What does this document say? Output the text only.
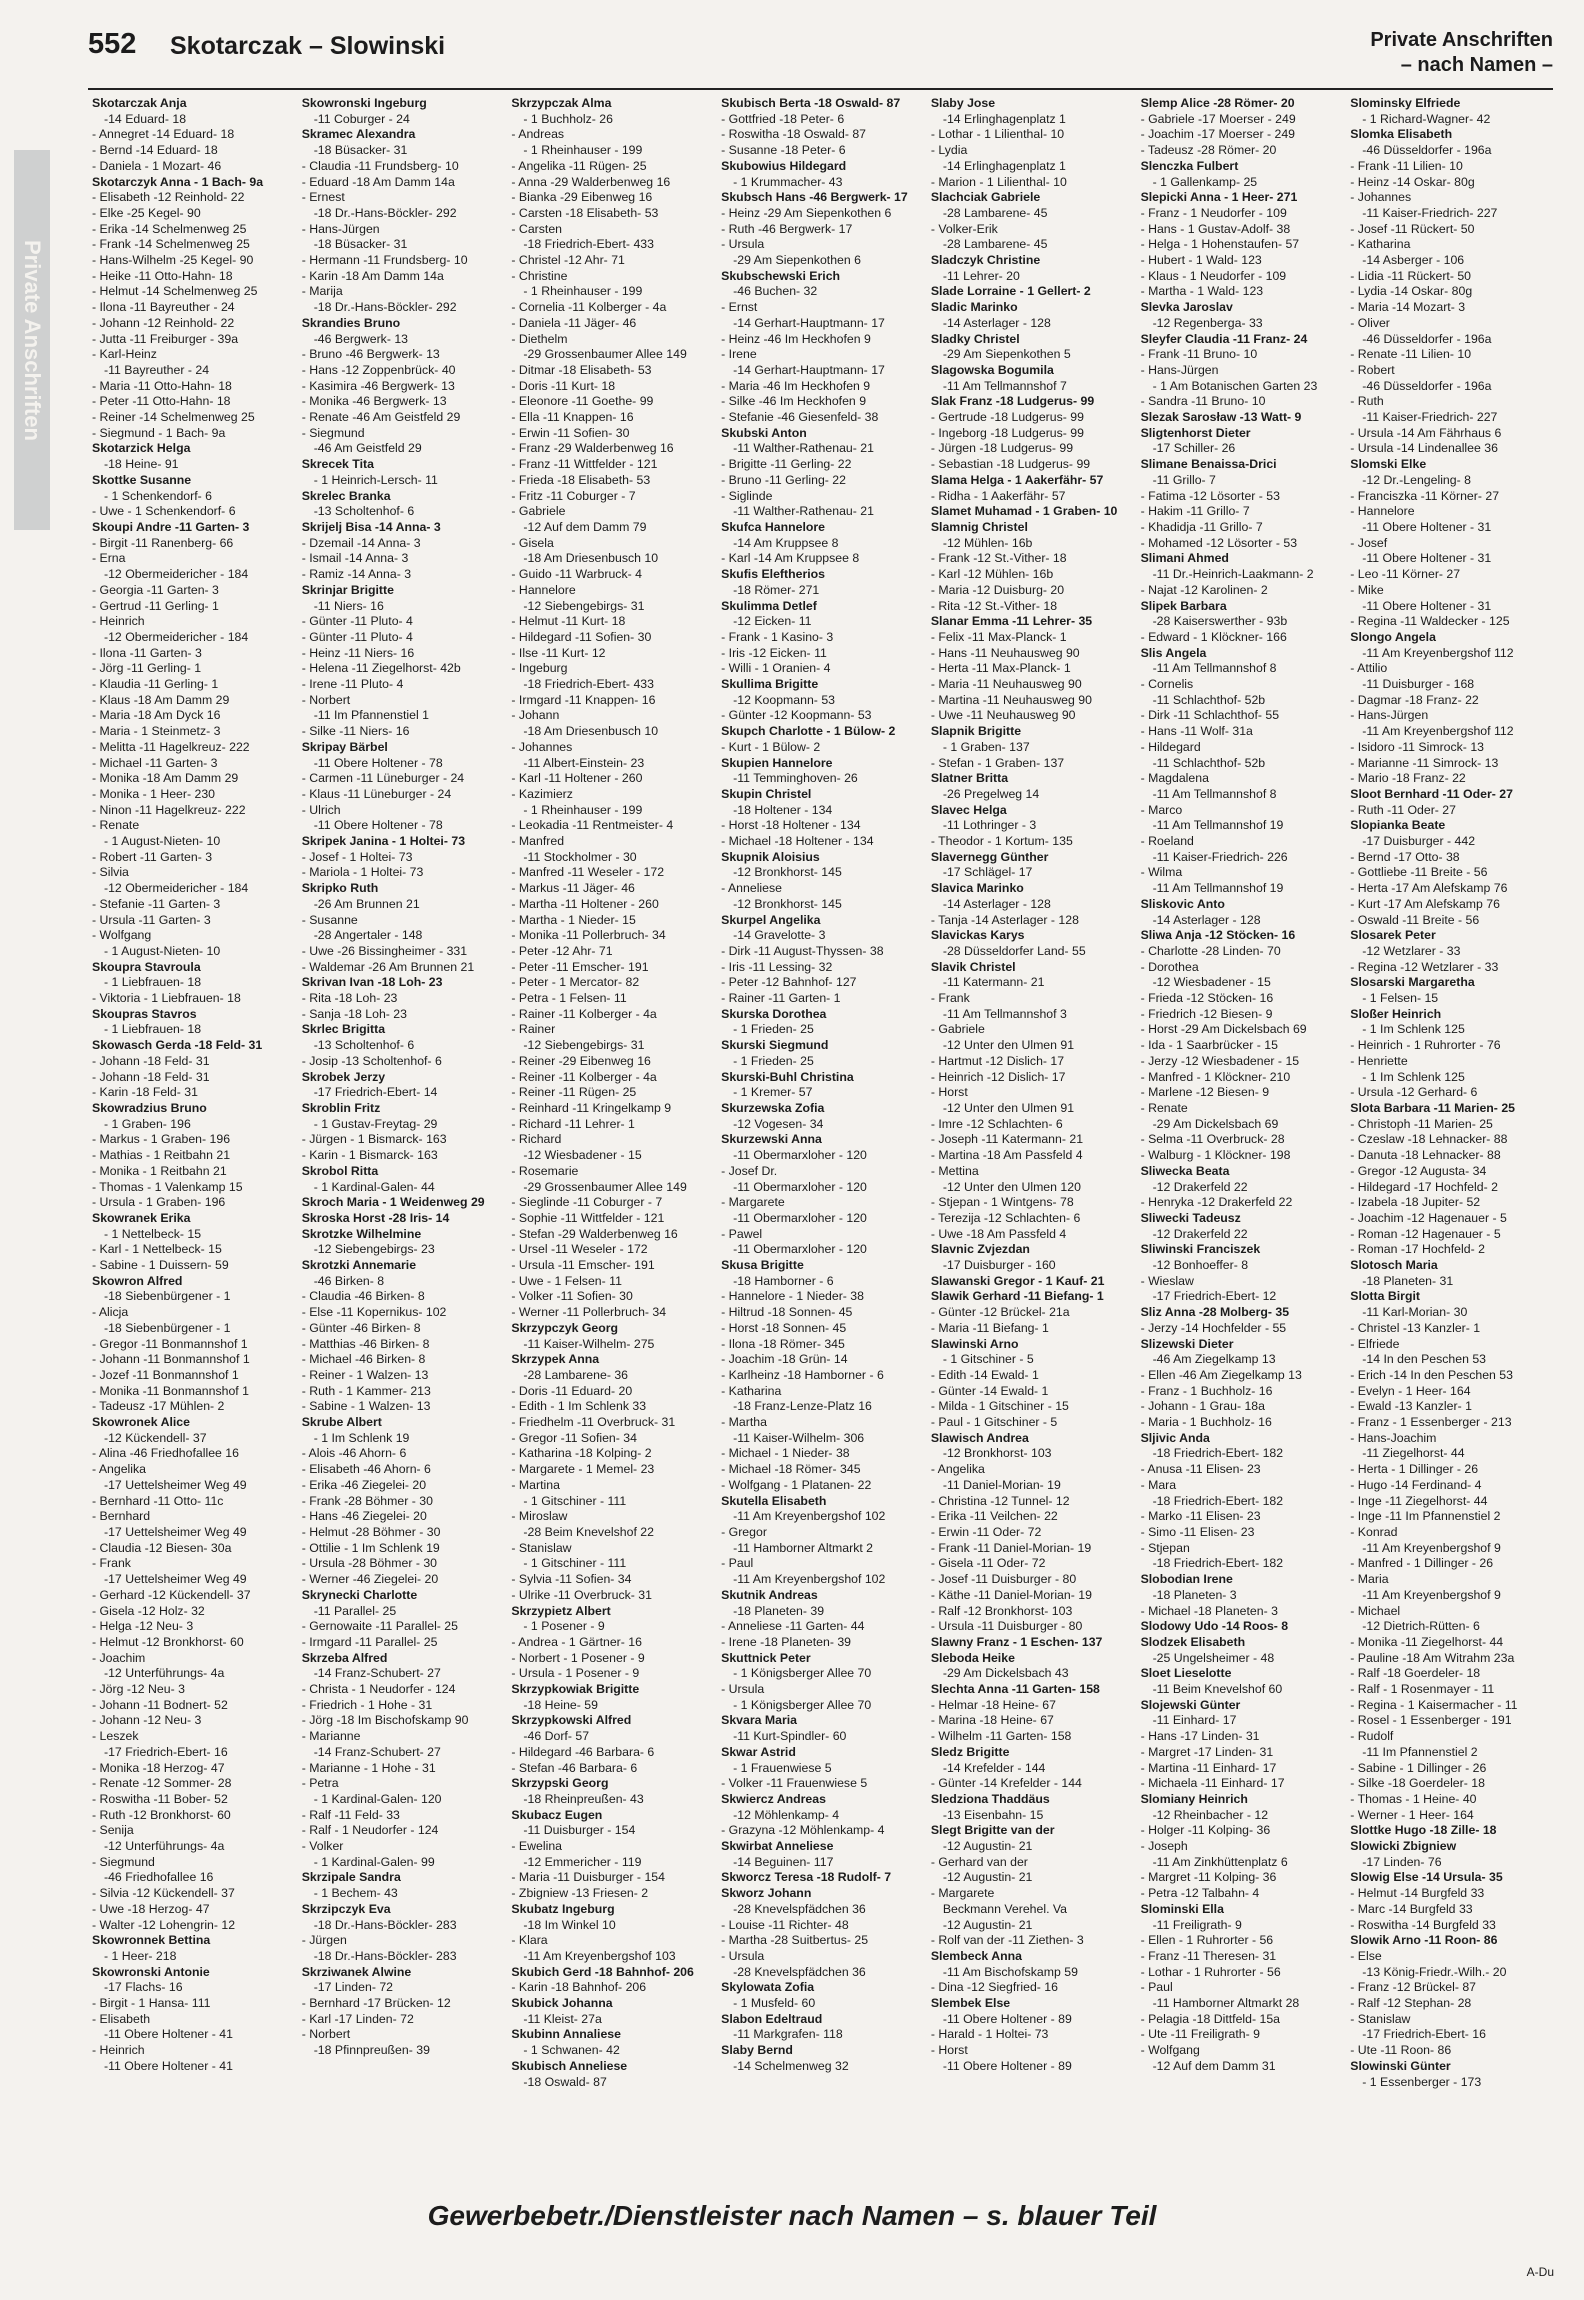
Private Anschriften
552 Skotarczak – Slowinski	Private Anschriften
– nach Namen –
Skotarczak Anja
-14 Eduard- 18
- Annegret -14 Eduard- 18
- Bernd -14 Eduard- 18
- Daniela - 1 Mozart- 46
Skotarczyk Anna - 1 Bach- 9a
- Elisabeth -12 Reinhold- 22
- Elke -25 Kegel- 90
- Erika -14 Schelmenweg 25
- Frank -14 Schelmenweg 25
- Hans-Wilhelm -25 Kegel- 90
- Heike -11 Otto-Hahn- 18
- Helmut -14 Schelmenweg 25
- Ilona -11 Bayreuther - 24
- Johann -12 Reinhold- 22
- Jutta -11 Freiburger - 39a
- Karl-Heinz
-11 Bayreuther - 24
- Maria -11 Otto-Hahn- 18
- Peter -11 Otto-Hahn- 18
- Reiner -14 Schelmenweg 25
- Siegmund - 1 Bach- 9a
Skotarzick Helga
-18 Heine- 91
Skottke Susanne
- 1 Schenkendorf- 6
- Uwe - 1 Schenkendorf- 6
Skoupi Andre -11 Garten- 3
- Birgit -11 Ranenberg- 66
- Erna
-12 Obermeidericher - 184
- Georgia -11 Garten- 3
- Gertrud -11 Gerling- 1
- Heinrich
-12 Obermeidericher - 184
- Ilona -11 Garten- 3
- Jörg -11 Gerling- 1
- Klaudia -11 Gerling- 1
- Klaus -18 Am Damm 29
- Maria -18 Am Dyck 16
- Maria - 1 Steinmetz- 3
- Melitta -11 Hagelkreuz- 222
- Michael -11 Garten- 3
- Monika -18 Am Damm 29
- Monika - 1 Heer- 230
- Ninon -11 Hagelkreuz- 222
- Renate
- 1 August-Nieten- 10
- Robert -11 Garten- 3
- Silvia
-12 Obermeidericher - 184
- Stefanie -11 Garten- 3
- Ursula -11 Garten- 3
- Wolfgang
- 1 August-Nieten- 10
Skoupra Stavroula
- 1 Liebfrauen- 18
- Viktoria - 1 Liebfrauen- 18
Skoupras Stavros
- 1 Liebfrauen- 18
Skowasch Gerda -18 Feld- 31
- Johann -18 Feld- 31
- Johann -18 Feld- 31
- Karin -18 Feld- 31
Skowradzius Bruno
- 1 Graben- 196
- Markus - 1 Graben- 196
- Mathias - 1 Reitbahn 21
- Monika - 1 Reitbahn 21
- Thomas - 1 Valenkamp 15
- Ursula - 1 Graben- 196
Skowranek Erika
- 1 Nettelbeck- 15
- Karl - 1 Nettelbeck- 15
- Sabine - 1 Duissern- 59
Skowron Alfred
-18 Siebenbürgener - 1
- Alicja
-18 Siebenbürgener - 1
- Gregor -11 Bonmannshof 1
- Johann -11 Bonmannshof 1
- Jozef -11 Bonmannshof 1
- Monika -11 Bonmannshof 1
- Tadeusz -17 Mühlen- 2
Skowronek Alice
-12 Kückendell- 37
- Alina -46 Friedhofallee 16
- Angelika
-17 Uettelsheimer Weg 49
- Bernhard -11 Otto- 11c
- Bernhard
-17 Uettelsheimer Weg 49
- Claudia -12 Biesen- 30a
- Frank
-17 Uettelsheimer Weg 49
- Gerhard -12 Kückendell- 37
- Gisela -12 Holz- 32
- Helga -12 Neu- 3
- Helmut -12 Bronkhorst- 60
- Joachim
-12 Unterführungs- 4a
- Jörg -12 Neu- 3
- Johann -11 Bodnert- 52
- Johann -12 Neu- 3
- Leszek
-17 Friedrich-Ebert- 16
- Monika -18 Herzog- 47
- Renate -12 Sommer- 28
- Roswitha -11 Bober- 52
- Ruth -12 Bronkhorst- 60
- Senija
-12 Unterführungs- 4a
- Siegmund
-46 Friedhofallee 16
- Silvia -12 Kückendell- 37
- Uwe -18 Herzog- 47
- Walter -12 Lohengrin- 12
Skowronnek Bettina
- 1 Heer- 218
Skowronski Antonie
-17 Flachs- 16
- Birgit - 1 Hansa- 111
- Elisabeth
-11 Obere Holtener - 41
- Heinrich
-11 Obere Holtener - 41
Skowronski Ingeburg
-11 Coburger - 24
Skramec Alexandra
-18 Büsacker- 31
- Claudia -11 Frundsberg- 10
- Eduard -18 Am Damm 14a
- Ernest
-18 Dr.-Hans-Böckler- 292
- Hans-Jürgen
-18 Büsacker- 31
- Hermann -11 Frundsberg- 10
- Karin -18 Am Damm 14a
- Marija
-18 Dr.-Hans-Böckler- 292
Skrandies Bruno
-46 Bergwerk- 13
- Bruno -46 Bergwerk- 13
- Hans -12 Zoppenbrück- 40
- Kasimira -46 Bergwerk- 13
- Monika -46 Bergwerk- 13
- Renate -46 Am Geistfeld 29
- Siegmund
-46 Am Geistfeld 29
Skrecek Tita
- 1 Heinrich-Lersch- 11
Skrelec Branka
-13 Scholtenhof- 6
Skrijelj Bisa -14 Anna- 3
- Dzemail -14 Anna- 3
- Ismail -14 Anna- 3
- Ramiz -14 Anna- 3
Skrinjar Brigitte
-11 Niers- 16
- Günter -11 Pluto- 4
- Günter -11 Pluto- 4
- Heinz -11 Niers- 16
- Helena -11 Ziegelhorst- 42b
- Irene -11 Pluto- 4
- Norbert
-11 Im Pfannenstiel 1
- Silke -11 Niers- 16
Skripay Bärbel
-11 Obere Holtener - 78
- Carmen -11 Lüneburger - 24
- Klaus -11 Lüneburger - 24
- Ulrich
-11 Obere Holtener - 78
Skripek Janina - 1 Holtei- 73
- Josef - 1 Holtei- 73
- Mariola - 1 Holtei- 73
Skripko Ruth
-26 Am Brunnen 21
- Susanne
-28 Angertaler - 148
- Uwe -26 Bissingheimer - 331
- Waldemar -26 Am Brunnen 21
Skrivan Ivan -18 Loh- 23
- Rita -18 Loh- 23
- Sanja -18 Loh- 23
Skrlec Brigitta
-13 Scholtenhof- 6
- Josip -13 Scholtenhof- 6
Skrobek Jerzy
-17 Friedrich-Ebert- 14
Skroblin Fritz
- 1 Gustav-Freytag- 29
- Jürgen - 1 Bismarck- 163
- Karin - 1 Bismarck- 163
Skrobol Ritta
- 1 Kardinal-Galen- 44
Skroch Maria - 1 Weidenweg 29
Skroska Horst -28 Iris- 14
Skrotzke Wilhelmine
-12 Siebengebirgs- 23
Skrotzki Annemarie
-46 Birken- 8
- Claudia -46 Birken- 8
- Else -11 Kopernikus- 102
- Günter -46 Birken- 8
- Matthias -46 Birken- 8
- Michael -46 Birken- 8
- Reiner - 1 Walzen- 13
- Ruth - 1 Kammer- 213
- Sabine - 1 Walzen- 13
Skrube Albert
- 1 Im Schlenk 19
- Alois -46 Ahorn- 6
- Elisabeth -46 Ahorn- 6
- Erika -46 Ziegelei- 20
- Frank -28 Böhmer - 30
- Hans -46 Ziegelei- 20
- Helmut -28 Böhmer - 30
- Ottilie - 1 Im Schlenk 19
- Ursula -28 Böhmer - 30
- Werner -46 Ziegelei- 20
Skrynecki Charlotte
-11 Parallel- 25
- Gernowaite -11 Parallel- 25
- Irmgard -11 Parallel- 25
Skrzeba Alfred
-14 Franz-Schubert- 27
- Christa - 1 Neudorfer - 124
- Friedrich - 1 Hohe - 31
- Jörg -18 Im Bischofskamp 90
- Marianne
-14 Franz-Schubert- 27
- Marianne - 1 Hohe - 31
- Petra
- 1 Kardinal-Galen- 120
- Ralf -11 Feld- 33
- Ralf - 1 Neudorfer - 124
- Volker
- 1 Kardinal-Galen- 99
Skrzipale Sandra
- 1 Bechem- 43
Skrzipczyk Eva
-18 Dr.-Hans-Böckler- 283
- Jürgen
-18 Dr.-Hans-Böckler- 283
Skrziwanek Alwine
-17 Linden- 72
- Bernhard -17 Brücken- 12
- Karl -17 Linden- 72
- Norbert
-18 Pfinnpreußen- 39
Skrzypczak Alma
- 1 Buchholz- 26
- Andreas
- 1 Rheinhauser - 199
- Angelika -11 Rügen- 25
- Anna -29 Walderbenweg 16
- Bianka -29 Eibenweg 16
- Carsten -18 Elisabeth- 53
- Carsten
-18 Friedrich-Ebert- 433
- Christel -12 Ahr- 71
- Christine
- 1 Rheinhauser - 199
- Cornelia -11 Kolberger - 4a
- Daniela -11 Jäger- 46
- Diethelm
-29 Grossenbaumer Allee 149
- Ditmar -18 Elisabeth- 53
- Doris -11 Kurt- 18
- Eleonore -11 Goethe- 99
- Ella -11 Knappen- 16
- Erwin -11 Sofien- 30
- Franz -29 Walderbenweg 16
- Franz -11 Wittfelder - 121
- Frieda -18 Elisabeth- 53
- Fritz -11 Coburger - 7
- Gabriele
-12 Auf dem Damm 79
- Gisela
-18 Am Driesenbusch 10
- Guido -11 Warbruck- 4
- Hannelore
-12 Siebengebirgs- 31
- Helmut -11 Kurt- 18
- Hildegard -11 Sofien- 30
- Ilse -11 Kurt- 12
- Ingeburg
-18 Friedrich-Ebert- 433
- Irmgard -11 Knappen- 16
- Johann
-18 Am Driesenbusch 10
- Johannes
-11 Albert-Einstein- 23
- Karl -11 Holtener - 260
- Kazimierz
- 1 Rheinhauser - 199
- Leokadia -11 Rentmeister- 4
- Manfred
-11 Stockholmer - 30
- Manfred -11 Weseler - 172
- Markus -11 Jäger- 46
- Martha -11 Holtener - 260
- Martha - 1 Nieder- 15
- Monika -11 Pollerbruch- 34
- Peter -12 Ahr- 71
- Peter -11 Emscher- 191
- Peter - 1 Mercator- 82
- Petra - 1 Felsen- 11
- Rainer -11 Kolberger - 4a
- Rainer
-12 Siebengebirgs- 31
- Reiner -29 Eibenweg 16
- Reiner -11 Kolberger - 4a
- Reiner -11 Rügen- 25
- Reinhard -11 Kringelkamp 9
- Richard -11 Lehrer- 1
- Richard
-12 Wiesbadener - 15
- Rosemarie
-29 Grossenbaumer Allee 149
- Sieglinde -11 Coburger - 7
- Sophie -11 Wittfelder - 121
- Stefan -29 Walderbenweg 16
- Ursel -11 Weseler - 172
- Ursula -11 Emscher- 191
- Uwe - 1 Felsen- 11
- Volker -11 Sofien- 30
- Werner -11 Pollerbruch- 34
Skrzypczyk Georg
-11 Kaiser-Wilhelm- 275
Skrzypek Anna
-28 Lambarene- 36
- Doris -11 Eduard- 20
- Edith - 1 Im Schlenk 33
- Friedhelm -11 Overbruck- 31
- Gregor -11 Sofien- 34
- Katharina -18 Kolping- 2
- Margarete - 1 Memel- 23
- Martina
- 1 Gitschiner - 111
- Miroslaw
-28 Beim Knevelshof 22
- Stanislaw
- 1 Gitschiner - 111
- Sylvia -11 Sofien- 34
- Ulrike -11 Overbruck- 31
Skrzypietz Albert
- 1 Posener - 9
- Andrea - 1 Gärtner- 16
- Norbert - 1 Posener - 9
- Ursula - 1 Posener - 9
Skrzypkowiak Brigitte
-18 Heine- 59
Skrzypkowski Alfred
-46 Dorf- 57
- Hildegard -46 Barbara- 6
- Stefan -46 Barbara- 6
Skrzypski Georg
-18 Rheinpreußen- 43
Skubacz Eugen
-11 Duisburger - 154
- Ewelina
-12 Emmericher - 119
- Maria -11 Duisburger - 154
- Zbigniew -13 Friesen- 2
Skubatz Ingeburg
-18 Im Winkel 10
- Klara
-11 Am Kreyenbergshof 103
Skubich Gerd -18 Bahnhof- 206
- Karin -18 Bahnhof- 206
Skubick Johanna
-11 Kleist- 27a
Skubinn Annaliese
- 1 Schwanen- 42
Skubisch Anneliese
-18 Oswald- 87
Skubisch Berta -18 Oswald- 87
- Gottfried -18 Peter- 6
- Roswitha -18 Oswald- 87
- Susanne -18 Peter- 6
Skubowius Hildegard
- 1 Krummacher- 43
Skubsch Hans -46 Bergwerk- 17
- Heinz -29 Am Siepenkothen 6
- Ruth -46 Bergwerk- 17
- Ursula
-29 Am Siepenkothen 6
Skubschewski Erich
-46 Buchen- 32
- Ernst
-14 Gerhart-Hauptmann- 17
- Heinz -46 Im Heckhofen 9
- Irene
-14 Gerhart-Hauptmann- 17
- Maria -46 Im Heckhofen 9
- Silke -46 Im Heckhofen 9
- Stefanie -46 Giesenfeld- 38
Skubski Anton
-11 Walther-Rathenau- 21
- Brigitte -11 Gerling- 22
- Bruno -11 Gerling- 22
- Siglinde
-11 Walther-Rathenau- 21
Skufca Hannelore
-14 Am Kruppsee 8
- Karl -14 Am Kruppsee 8
Skufis Eleftherios
-18 Römer- 271
Skulimma Detlef
-12 Eicken- 11
- Frank - 1 Kasino- 3
- Iris -12 Eicken- 11
- Willi - 1 Oranien- 4
Skullima Brigitte
-12 Koopmann- 53
- Günter -12 Koopmann- 53
Skupch Charlotte - 1 Bülow- 2
- Kurt - 1 Bülow- 2
Skupien Hannelore
-11 Temminghoven- 26
Skupin Christel
-18 Holtener - 134
- Horst -18 Holtener - 134
- Michael -18 Holtener - 134
Skupnik Aloisius
-12 Bronkhorst- 145
- Anneliese
-12 Bronkhorst- 145
Skurpel Angelika
-14 Gravelotte- 3
- Dirk -11 August-Thyssen- 38
- Iris -11 Lessing- 32
- Peter -12 Bahnhof- 127
- Rainer -11 Garten- 1
Skurska Dorothea
- 1 Frieden- 25
Skurski Siegmund
- 1 Frieden- 25
Skurski-Buhl Christina
- 1 Kremer- 57
Skurzewska Zofia
-12 Vogesen- 34
Skurzewski Anna
-11 Obermarxloher - 120
- Josef Dr.
-11 Obermarxloher - 120
- Margarete
-11 Obermarxloher - 120
- Pawel
-11 Obermarxloher - 120
Skusa Brigitte
-18 Hamborner - 6
- Hannelore - 1 Nieder- 38
- Hiltrud -18 Sonnen- 45
- Horst -18 Sonnen- 45
- Ilona -18 Römer- 345
- Joachim -18 Grün- 14
- Karlheinz -18 Hamborner - 6
- Katharina
-18 Franz-Lenze-Platz 16
- Martha
-11 Kaiser-Wilhelm- 306
- Michael - 1 Nieder- 38
- Michael -18 Römer- 345
- Wolfgang - 1 Platanen- 22
Skutella Elisabeth
-11 Am Kreyenbergshof 102
- Gregor
-11 Hamborner Altmarkt 2
- Paul
-11 Am Kreyenbergshof 102
Skutnik Andreas
-18 Planeten- 39
- Anneliese -11 Garten- 44
- Irene -18 Planeten- 39
Skuttnick Peter
- 1 Königsberger Allee 70
- Ursula
- 1 Königsberger Allee 70
Skvara Maria
-11 Kurt-Spindler- 60
Skwar Astrid
- 1 Frauenwiese 5
- Volker -11 Frauenwiese 5
Skwiercz Andreas
-12 Möhlenkamp- 4
- Grazyna -12 Möhlenkamp- 4
Skwirbat Anneliese
-14 Beguinen- 117
Skworcz Teresa -18 Rudolf- 7
Skworz Johann
-28 Knevelspfädchen 36
- Louise -11 Richter- 48
- Martha -28 Suitbertus- 25
- Ursula
-28 Knevelspfädchen 36
Skylowata Zofia
- 1 Musfeld- 60
Slabon Edeltraud
-11 Markgrafen- 118
Slaby Bernd
-14 Schelmenweg 32
Slaby Jose
-14 Erlinghagenplatz 1
- Lothar - 1 Lilienthal- 10
- Lydia
-14 Erlinghagenplatz 1
- Marion - 1 Lilienthal- 10
Slachciak Gabriele
-28 Lambarene- 45
- Volker-Erik
-28 Lambarene- 45
Sladczyk Christine
-11 Lehrer- 20
Slade Lorraine - 1 Gellert- 2
Sladic Marinko
-14 Asterlager - 128
Sladky Christel
-29 Am Siepenkothen 5
Slagowska Bogumila
-11 Am Tellmannshof 7
Slak Franz -18 Ludgerus- 99
- Gertrude -18 Ludgerus- 99
- Ingeborg -18 Ludgerus- 99
- Jürgen -18 Ludgerus- 99
- Sebastian -18 Ludgerus- 99
Slama Helga - 1 Aakerfähr- 57
- Ridha - 1 Aakerfähr- 57
Slamet Muhamad - 1 Graben- 10
Slamnig Christel
-12 Mühlen- 16b
- Frank -12 St.-Vither- 18
- Karl -12 Mühlen- 16b
- Maria -12 Duisburg- 20
- Rita -12 St.-Vither- 18
Slanar Emma -11 Lehrer- 35
- Felix -11 Max-Planck- 1
- Hans -11 Neuhausweg 90
- Herta -11 Max-Planck- 1
- Maria -11 Neuhausweg 90
- Martina -11 Neuhausweg 90
- Uwe -11 Neuhausweg 90
Slapnik Brigitte
- 1 Graben- 137
- Stefan - 1 Graben- 137
Slatner Britta
-26 Pregelweg 14
Slavec Helga
-11 Lothringer - 3
- Theodor - 1 Kortum- 135
Slavernegg Günther
-17 Schlägel- 17
Slavica Marinko
-14 Asterlager - 128
- Tanja -14 Asterlager - 128
Slavickas Karys
-28 Düsseldorfer Land- 55
Slavik Christel
-11 Katermann- 21
- Frank
-11 Am Tellmannshof 3
- Gabriele
-12 Unter den Ulmen 91
- Hartmut -12 Dislich- 17
- Heinrich -12 Dislich- 17
- Horst
-12 Unter den Ulmen 91
- Imre -12 Schlachten- 6
- Joseph -11 Katermann- 21
- Martina -18 Am Passfeld 4
- Mettina
-12 Unter den Ulmen 120
- Stjepan - 1 Wintgens- 78
- Terezija -12 Schlachten- 6
- Uwe -18 Am Passfeld 4
Slavnic Zvjezdan
-17 Duisburger - 160
Slawanski Gregor - 1 Kauf- 21
Slawik Gerhard -11 Biefang- 1
- Günter -12 Brückel- 21a
- Maria -11 Biefang- 1
Slawinski Arno
- 1 Gitschiner - 5
- Edith -14 Ewald- 1
- Günter -14 Ewald- 1
- Milda - 1 Gitschiner - 15
- Paul - 1 Gitschiner - 5
Slawisch Andrea
-12 Bronkhorst- 103
- Angelika
-11 Daniel-Morian- 19
- Christina -12 Tunnel- 12
- Erika -11 Veilchen- 22
- Erwin -11 Oder- 72
- Frank -11 Daniel-Morian- 19
- Gisela -11 Oder- 72
- Josef -11 Duisburger - 80
- Käthe -11 Daniel-Morian- 19
- Ralf -12 Bronkhorst- 103
- Ursula -11 Duisburger - 80
Slawny Franz - 1 Eschen- 137
Sleboda Heike
-29 Am Dickelsbach 43
Slechta Anna -11 Garten- 158
- Helmar -18 Heine- 67
- Marina -18 Heine- 67
- Wilhelm -11 Garten- 158
Sledz Brigitte
-14 Krefelder - 144
- Günter -14 Krefelder - 144
Sledziona Thaddäus
-13 Eisenbahn- 15
Slegt Brigitte van der
-12 Augustin- 21
- Gerhard van der
-12 Augustin- 21
- Margarete
Beckmann Verehel. Va
-12 Augustin- 21
- Rolf van der -11 Ziethen- 3
Slembeck Anna
-11 Am Bischofskamp 59
- Dina -12 Siegfried- 16
Slembek Else
-11 Obere Holtener - 89
- Harald - 1 Holtei- 73
- Horst
-11 Obere Holtener - 89
Slemp Alice -28 Römer- 20
- Gabriele -17 Moerser - 249
- Joachim -17 Moerser - 249
- Tadeusz -28 Römer- 20
Slenczka Fulbert
- 1 Gallenkamp- 25
Slepicki Anna - 1 Heer- 271
- Franz - 1 Neudorfer - 109
- Hans - 1 Gustav-Adolf- 38
- Helga - 1 Hohenstaufen- 57
- Hubert - 1 Wald- 123
- Klaus - 1 Neudorfer - 109
- Martha - 1 Wald- 123
Slevka Jaroslav
-12 Regenberga- 33
Sleyfer Claudia -11 Franz- 24
- Frank -11 Bruno- 10
- Hans-Jürgen
- 1 Am Botanischen Garten 23
- Sandra -11 Bruno- 10
Slezak Sarosław -13 Watt- 9
Sligtenhorst Dieter
-17 Schiller- 26
Slimane Benaissa-Drici
-11 Grillo- 7
- Fatima -12 Lösorter - 53
- Hakim -11 Grillo- 7
- Khadidja -11 Grillo- 7
- Mohamed -12 Lösorter - 53
Slimani Ahmed
-11 Dr.-Heinrich-Laakmann- 2
- Najat -12 Karolinen- 2
Slipek Barbara
-28 Kaiserswerther - 93b
- Edward - 1 Klöckner- 166
Slis Angela
-11 Am Tellmannshof 8
- Cornelis
-11 Schlachthof- 52b
- Dirk -11 Schlachthof- 55
- Hans -11 Wolf- 31a
- Hildegard
-11 Schlachthof- 52b
- Magdalena
-11 Am Tellmannshof 8
- Marco
-11 Am Tellmannshof 19
- Roeland
-11 Kaiser-Friedrich- 226
- Wilma
-11 Am Tellmannshof 19
Sliskovic Anto
-14 Asterlager - 128
Sliwa Anja -12 Stöcken- 16
- Charlotte -28 Linden- 70
- Dorothea
-12 Wiesbadener - 15
- Frieda -12 Stöcken- 16
- Friedrich -12 Biesen- 9
- Horst -29 Am Dickelsbach 69
- Ida - 1 Saarbrücker - 15
- Jerzy -12 Wiesbadener - 15
- Manfred - 1 Klöckner- 210
- Marlene -12 Biesen- 9
- Renate
-29 Am Dickelsbach 69
- Selma -11 Overbruck- 28
- Walburg - 1 Klöckner- 198
Sliwecka Beata
-12 Drakerfeld 22
- Henryka -12 Drakerfeld 22
Sliwecki Tadeusz
-12 Drakerfeld 22
Sliwinski Franciszek
-12 Bonhoeffer- 8
- Wieslaw
-17 Friedrich-Ebert- 12
Sliz Anna -28 Molberg- 35
- Jerzy -14 Hochfelder - 55
Slizewski Dieter
-46 Am Ziegelkamp 13
- Ellen -46 Am Ziegelkamp 13
- Franz - 1 Buchholz- 16
- Johann - 1 Grau- 18a
- Maria - 1 Buchholz- 16
Sljivic Anda
-18 Friedrich-Ebert- 182
- Anusa -11 Elisen- 23
- Mara
-18 Friedrich-Ebert- 182
- Marko -11 Elisen- 23
- Simo -11 Elisen- 23
- Stjepan
-18 Friedrich-Ebert- 182
Slobodian Irene
-18 Planeten- 3
- Michael -18 Planeten- 3
Slodowy Udo -14 Roos- 8
Slodzek Elisabeth
-25 Ungelsheimer - 48
Sloet Lieselotte
-11 Beim Knevelshof 60
Slojewski Günter
-11 Einhard- 17
- Hans -17 Linden- 31
- Margret -17 Linden- 31
- Martina -11 Einhard- 17
- Michaela -11 Einhard- 17
Slomiany Heinrich
-12 Rheinbacher - 12
- Holger -11 Kolping- 36
- Joseph
-11 Am Zinkhüttenplatz 6
- Margret -11 Kolping- 36
- Petra -12 Talbahn- 4
Slominski Ella
-11 Freiligrath- 9
- Ellen - 1 Ruhrorter - 56
- Franz -11 Theresen- 31
- Lothar - 1 Ruhrorter - 56
- Paul
-11 Hamborner Altmarkt 28
- Pelagia -18 Dittfeld- 15a
- Ute -11 Freiligrath- 9
- Wolfgang
-12 Auf dem Damm 31
Slominsky Elfriede
- 1 Richard-Wagner- 42
Slomka Elisabeth
-46 Düsseldorfer - 196a
- Frank -11 Lilien- 10
- Heinz -14 Oskar- 80g
- Johannes
-11 Kaiser-Friedrich- 227
- Josef -11 Rückert- 50
- Katharina
-14 Asberger - 106
- Lidia -11 Rückert- 50
- Lydia -14 Oskar- 80g
- Maria -14 Mozart- 3
- Oliver
-46 Düsseldorfer - 196a
- Renate -11 Lilien- 10
- Robert
-46 Düsseldorfer - 196a
- Ruth
-11 Kaiser-Friedrich- 227
- Ursula -14 Am Fährhaus 6
- Ursula -14 Lindenallee 36
Slomski Elke
-12 Dr.-Lengeling- 8
- Franciszka -11 Körner- 27
- Hannelore
-11 Obere Holtener - 31
- Josef
-11 Obere Holtener - 31
- Leo -11 Körner- 27
- Mike
-11 Obere Holtener - 31
- Regina -11 Waldecker - 125
Slongo Angela
-11 Am Kreyenbergshof 112
- Attilio
-11 Duisburger - 168
- Dagmar -18 Franz- 22
- Hans-Jürgen
-11 Am Kreyenbergshof 112
- Isidoro -11 Simrock- 13
- Marianne -11 Simrock- 13
- Mario -18 Franz- 22
Sloot Bernhard -11 Oder- 27
- Ruth -11 Oder- 27
Slopianka Beate
-17 Duisburger - 442
- Bernd -17 Otto- 38
- Gottliebe -11 Breite - 56
- Herta -17 Am Alefskamp 76
- Kurt -17 Am Alefskamp 76
- Oswald -11 Breite - 56
Slosarek Peter
-12 Wetzlarer - 33
- Regina -12 Wetzlarer - 33
Slosarski Margaretha
- 1 Felsen- 15
Sloßer Heinrich
- 1 Im Schlenk 125
- Heinrich - 1 Ruhrorter - 76
- Henriette
- 1 Im Schlenk 125
- Ursula -12 Gerhard- 6
Slota Barbara -11 Marien- 25
- Christoph -11 Marien- 25
- Czeslaw -18 Lehnacker- 88
- Danuta -18 Lehnacker- 88
- Gregor -12 Augusta- 34
- Hildegard -17 Hochfeld- 2
- Izabela -18 Jupiter- 52
- Joachim -12 Hagenauer - 5
- Roman -12 Hagenauer - 5
- Roman -17 Hochfeld- 2
Slotosch Maria
-18 Planeten- 31
Slotta Birgit
-11 Karl-Morian- 30
- Christel -13 Kanzler- 1
- Elfriede
-14 In den Peschen 53
- Erich -14 In den Peschen 53
- Evelyn - 1 Heer- 164
- Ewald -13 Kanzler- 1
- Franz - 1 Essenberger - 213
- Hans-Joachim
-11 Ziegelhorst- 44
- Herta - 1 Dillinger - 26
- Hugo -14 Ferdinand- 4
- Inge -11 Ziegelhorst- 44
- Inge -11 Im Pfannenstiel 2
- Konrad
-11 Am Kreyenbergshof 9
- Manfred - 1 Dillinger - 26
- Maria
-11 Am Kreyenbergshof 9
- Michael
-12 Dietrich-Rütten- 6
- Monika -11 Ziegelhorst- 44
- Pauline -18 Am Witrahm 23a
- Ralf -18 Goerdeler- 18
- Ralf - 1 Rosenmayer - 11
- Regina - 1 Kaisermacher - 11
- Rosel - 1 Essenberger - 191
- Rudolf
-11 Im Pfannenstiel 2
- Sabine - 1 Dillinger - 26
- Silke -18 Goerdeler- 18
- Thomas - 1 Heine- 40
- Werner - 1 Heer- 164
Slottke Hugo -18 Zille- 18
Slowicki Zbigniew
-17 Linden- 76
Slowig Else -14 Ursula- 35
- Helmut -14 Burgfeld 33
- Marc -14 Burgfeld 33
- Roswitha -14 Burgfeld 33
Slowik Arno -11 Roon- 86
- Else
-13 König-Friedr.-Wilh.- 20
- Franz -12 Brückel- 87
- Ralf -12 Stephan- 28
- Stanislaw
-17 Friedrich-Ebert- 16
- Ute -11 Roon- 86
Slowinski Günter
- 1 Essenberger - 173
Gewerbebetr./Dienstleister nach Namen – s. blauer Teil
A-Du
